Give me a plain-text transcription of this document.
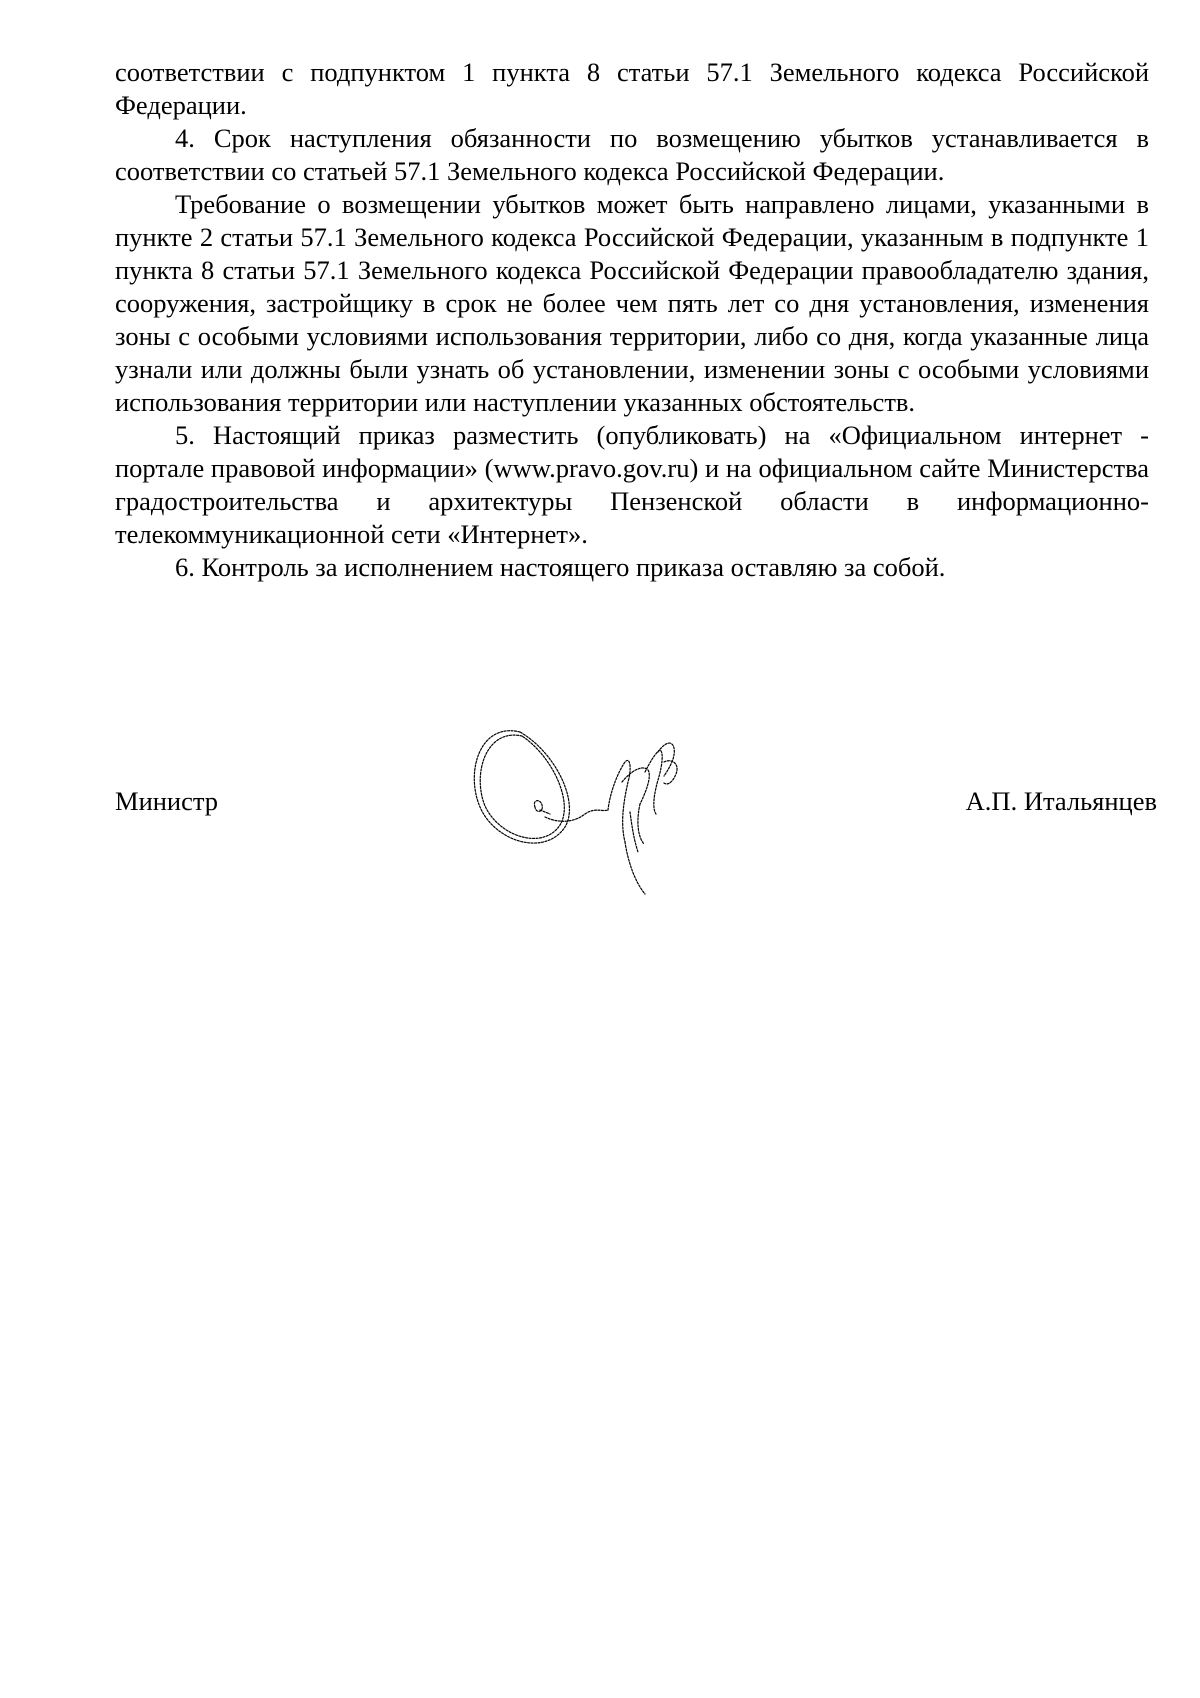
соответствии с подпунктом 1 пункта 8 статьи 57.1 Земельного кодекса Российской Федерации.

4. Срок наступления обязанности по возмещению убытков устанавливается в соответствии со статьей 57.1 Земельного кодекса Российской Федерации.

Требование о возмещении убытков может быть направлено лицами, указанными в пункте 2 статьи 57.1 Земельного кодекса Российской Федерации, указанным в подпункте 1 пункта 8 статьи 57.1 Земельного кодекса Российской Федерации правообладателю здания, сооружения, застройщику в срок не более чем пять лет со дня установления, изменения зоны с особыми условиями использования территории, либо со дня, когда указанные лица узнали или должны были узнать об установлении, изменении зоны с особыми условиями использования территории или наступлении указанных обстоятельств.

5. Настоящий приказ разместить (опубликовать) на «Официальном интернет - портале правовой информации» (www.pravo.gov.ru) и на официальном сайте Министерства градостроительства и архитектуры Пензенской области в информационно-телекоммуникационной сети «Интернет».

6. Контроль за исполнением настоящего приказа оставляю за собой.

Министр	А.П. Итальянцев
